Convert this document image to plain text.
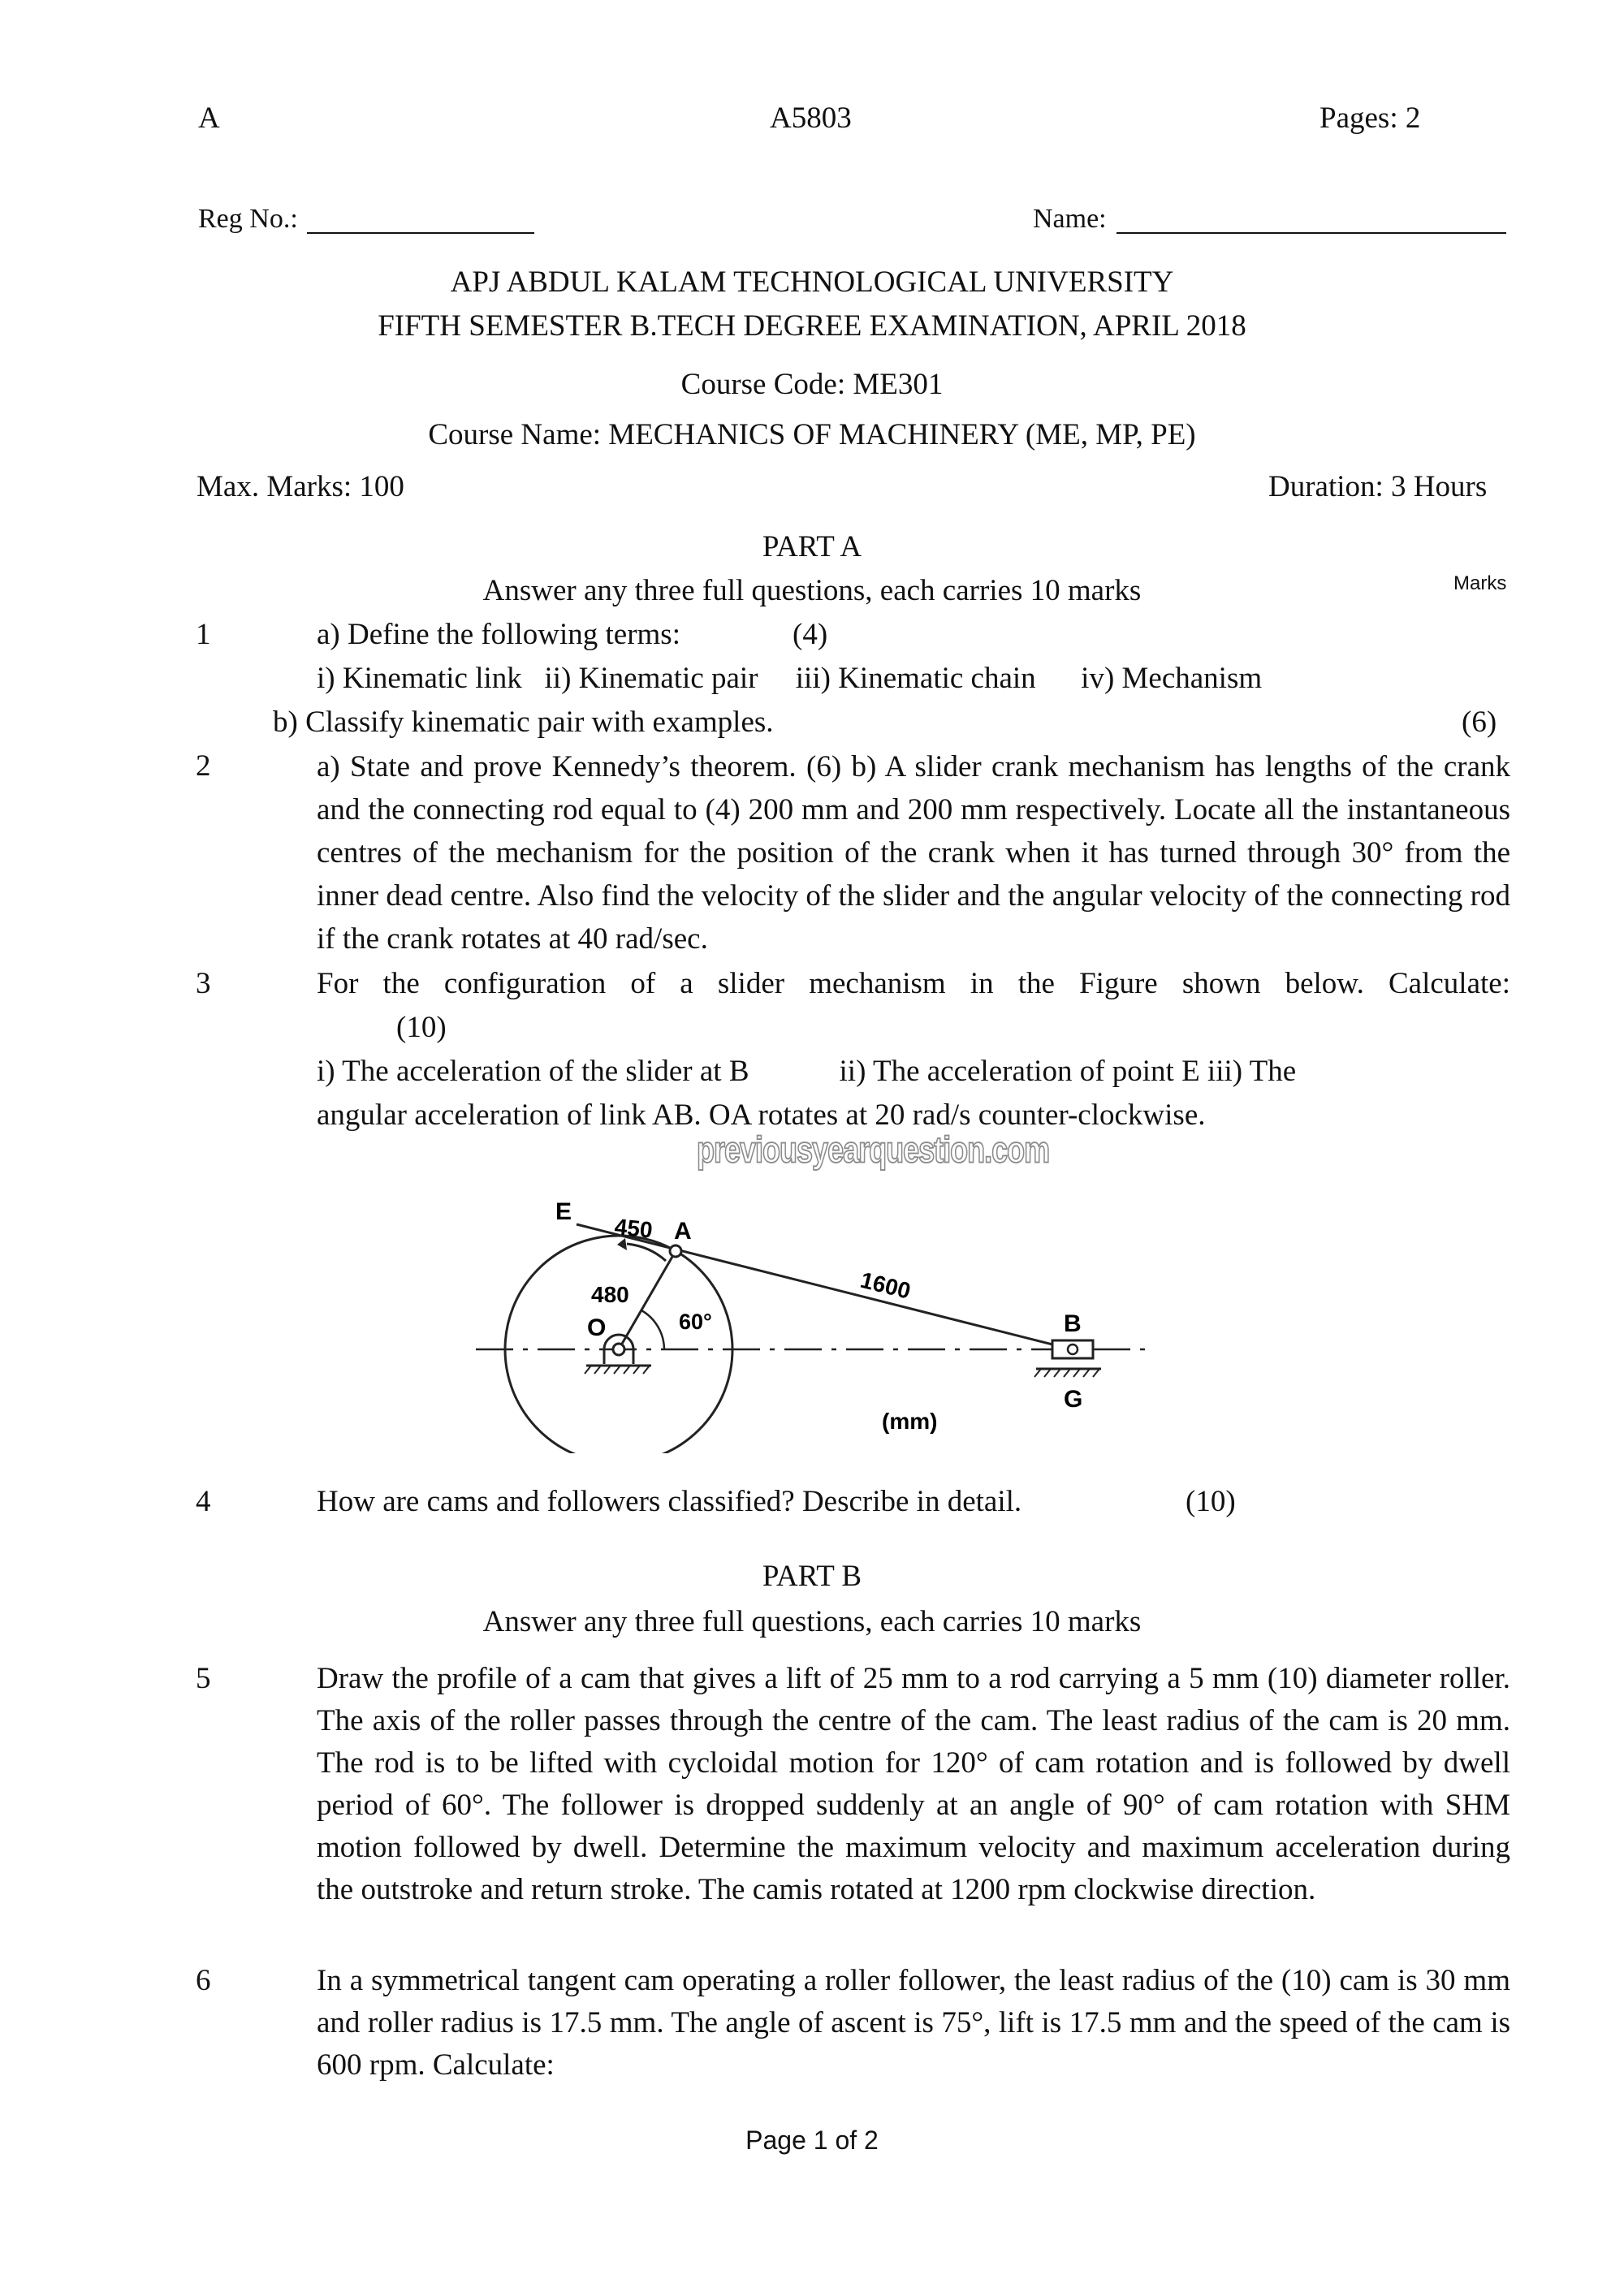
A	A5803	Pages: 2
Reg No.:	Name:
APJ ABDUL KALAM TECHNOLOGICAL UNIVERSITY
FIFTH SEMESTER B.TECH DEGREE EXAMINATION, APRIL 2018
Course Code: ME301
Course Name: MECHANICS OF MACHINERY (ME, MP, PE)
Max. Marks: 100	Duration: 3 Hours
PART A
Answer any three full questions, each carries 10 marks	Marks
1	a) Define the following terms:	(4)
i) Kinematic link   ii) Kinematic pair     iii) Kinematic chain      iv) Mechanism
b) Classify kinematic pair with examples.	(6)
2	a) State and prove Kennedy’s theorem. (6) b) A slider crank mechanism has lengths of the crank and the connecting rod equal to (4) 200 mm and 200 mm respectively. Locate all the instantaneous centres of the mechanism for the position of the crank when it has turned through 30° from the inner dead centre. Also find the velocity of the slider and the angular velocity of the connecting rod if the crank rotates at 40 rad/sec.
3	For the configuration of a slider mechanism in the Figure shown below. Calculate:
(10)
i) The acceleration of the slider at B            ii) The acceleration of point E iii) The
angular acceleration of link AB. OA rotates at 20 rad/s counter-clockwise.
previousyearquestion.com
E
450 A
1600
480
O	60°	B
G
(mm)
4	How are cams and followers classified? Describe in detail.	(10)
PART B
Answer any three full questions, each carries 10 marks
5	Draw the profile of a cam that gives a lift of 25 mm to a rod carrying a 5 mm (10) diameter roller. The axis of the roller passes through the centre of the cam. The least radius of the cam is 20 mm. The rod is to be lifted with cycloidal motion for 120° of cam rotation and is followed by dwell period of 60°. The follower is dropped suddenly at an angle of 90° of cam rotation with SHM motion followed by dwell. Determine the maximum velocity and maximum acceleration during the outstroke and return stroke. The camis rotated at 1200 rpm clockwise direction.
6	In a symmetrical tangent cam operating a roller follower, the least radius of the (10) cam is 30 mm and roller radius is 17.5 mm. The angle of ascent is 75°, lift is 17.5 mm and the speed of the cam is 600 rpm. Calculate:
Page 1 of 2
